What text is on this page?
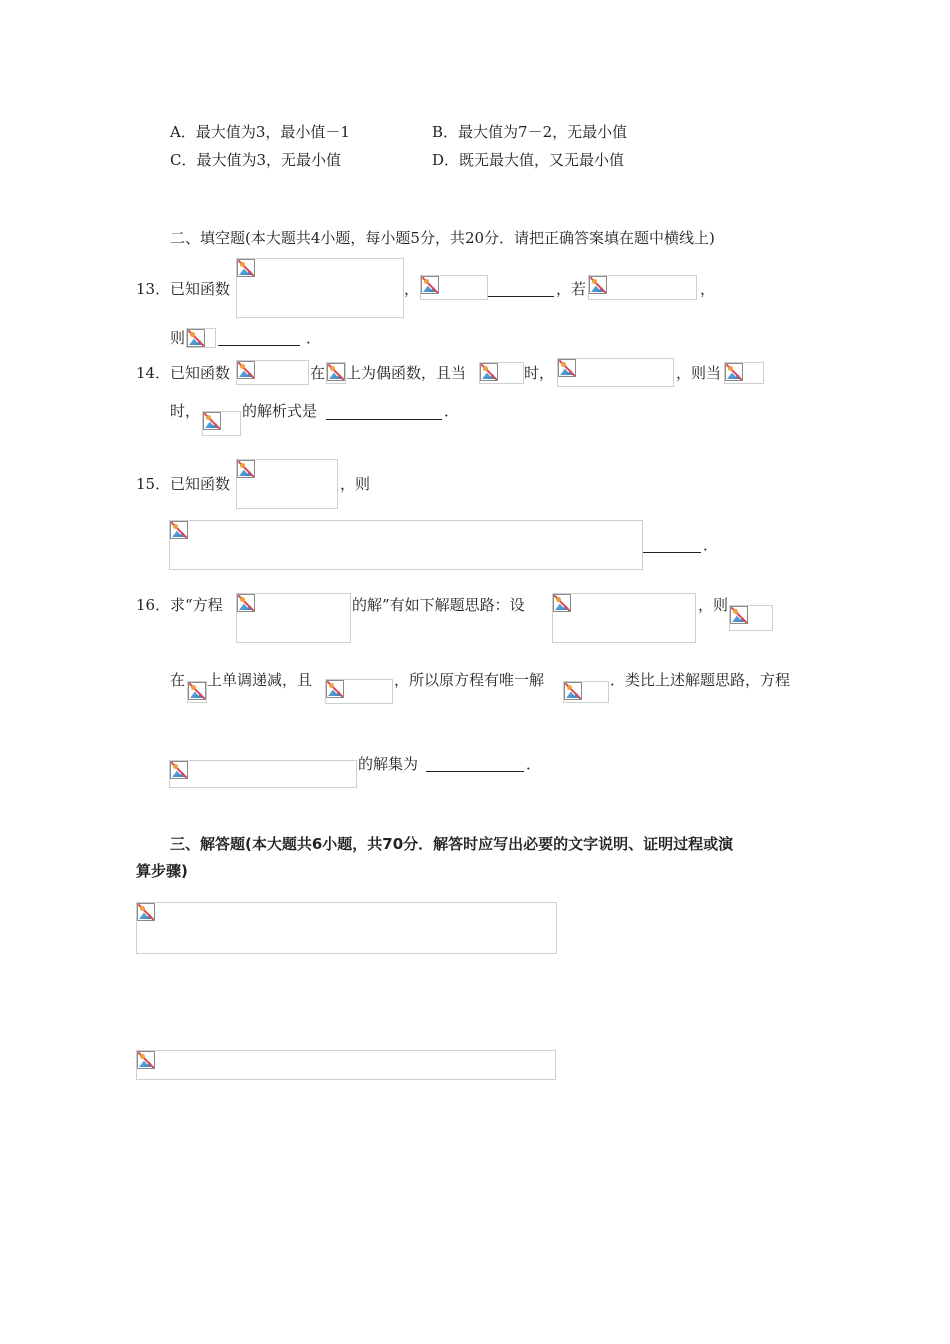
A．最大值为3，最小值－1	B．最大值为7－2，无最小值
C．最大值为3，无最小值	D．既无最大值，又无最小值
二、填空题(本大题共4小题，每小题5分，共20分．请把正确答案填在题中横线上)
13． 已知函数	，	，若	，
则	．
14． 已知函数	在 上为偶函数，且当	时，	，则当
时，	的解析式是	．
15． 已知函数	，则
．
16． 求“方程	的解”有如下解题思路：设	，则
在 上单调递减，且	，所以原方程有唯一解	．类比上述解题思路，方程
的解集为	．
三、解答题(本大题共6小题，共70分．解答时应写出必要的文字说明、证明过程或演
算步骤)
